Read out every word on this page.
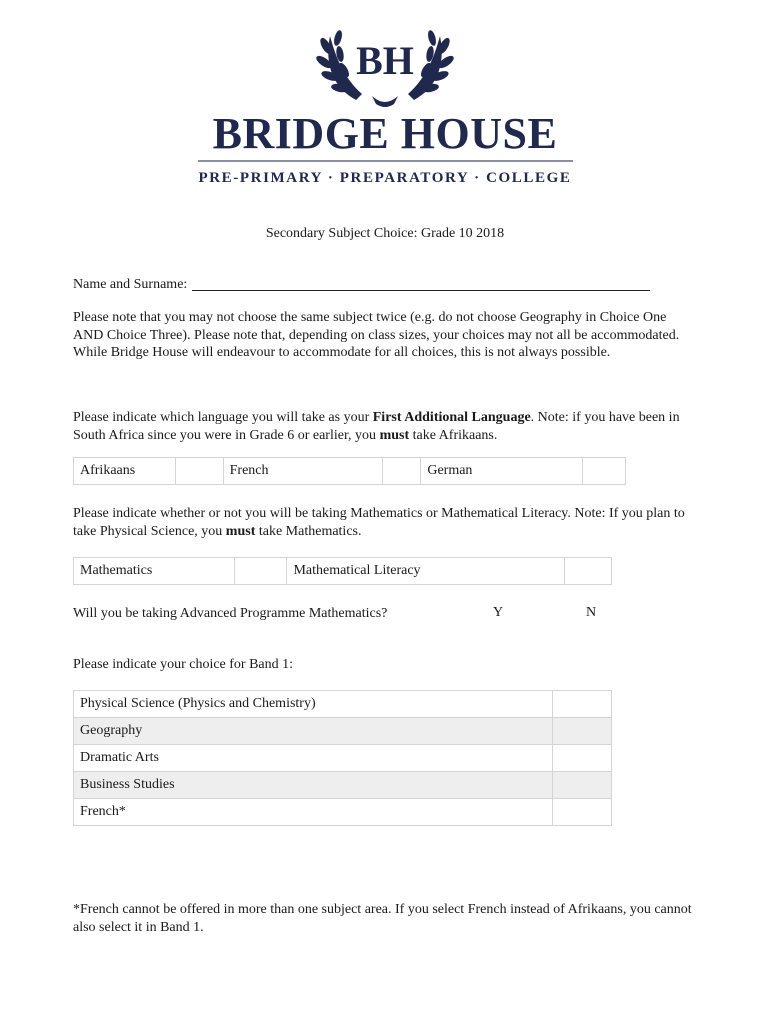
BH
BRIDGE HOUSE
PRE-PRIMARY · PREPARATORY · COLLEGE
Secondary Subject Choice: Grade 10 2018
Name and Surname:
Please note that you may not choose the same subject twice (e.g. do not choose Geography in Choice One AND Choice Three). Please note that, depending on class sizes, your choices may not all be accommodated. While Bridge House will endeavour to accommodate for all choices, this is not always possible.
Please indicate which language you will take as your First Additional Language. Note: if you have been in South Africa since you were in Grade 6 or earlier, you must take Afrikaans.
Afrikaans		French		German	
Please indicate whether or not you will be taking Mathematics or Mathematical Literacy. Note: If you plan to take Physical Science, you must take Mathematics.
Mathematics		Mathematical Literacy	
Will you be taking Advanced Programme Mathematics?	Y	N
Please indicate your choice for Band 1:
Physical Science (Physics and Chemistry)	
Geography	
Dramatic Arts	
Business Studies	
French*	
*French cannot be offered in more than one subject area. If you select French instead of Afrikaans, you cannot also select it in Band 1.
